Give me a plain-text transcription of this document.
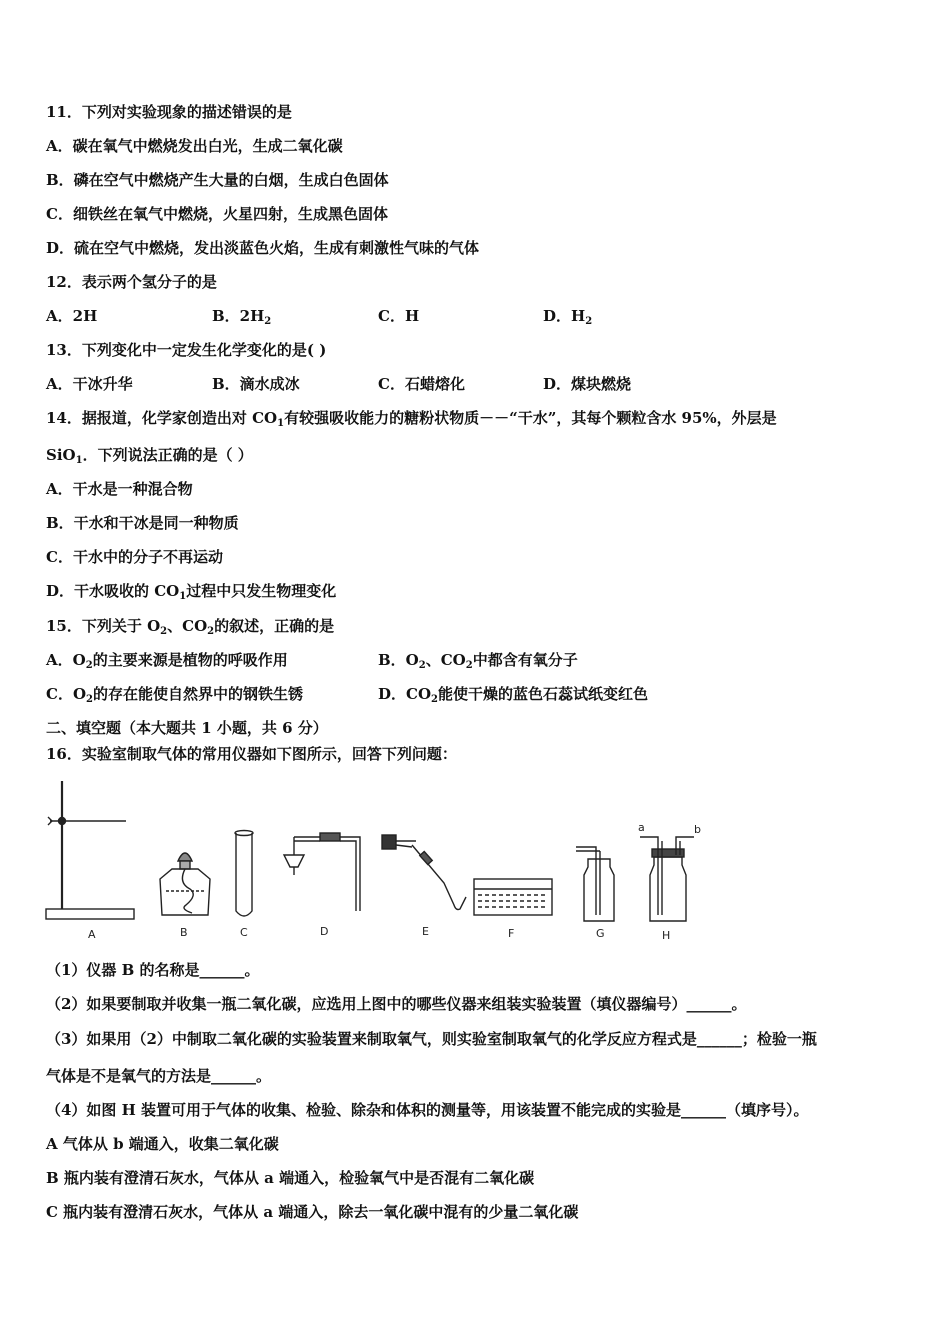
11．下列对实验现象的描述错误的是
A．碳在氧气中燃烧发出白光，生成二氧化碳
B．磷在空气中燃烧产生大量的白烟，生成白色固体
C．细铁丝在氧气中燃烧，火星四射，生成黑色固体
D．硫在空气中燃烧，发出淡蓝色火焰，生成有刺激性气味的气体
12．表示两个氢分子的是
A．2H	B．$2H_2$	C．H	D．$H_2$
13．下列变化中一定发生化学变化的是( )
A．干冰升华	B．滴水成冰	C．石蜡熔化	D．煤块燃烧
14．据报道，化学家创造出对 $CO_1$有较强吸收能力的糖粉状物质－－“干水”，其每个颗粒含水 95%，外层是
SiO$_1$．下列说法正确的是（ ）
A．干水是一种混合物
B．干水和干冰是同一种物质
C．干水中的分子不再运动
D．干水吸收的 $CO_1$过程中只发生物理变化
15．下列关于 $O_2$、$CO_2$的叙述，正确的是
A．$O_2$的主要来源是植物的呼吸作用	B．$O_2$、$CO_2$中都含有氧分子
C．$O_2$的存在能使自然界中的钢铁生锈	D．$CO_2$能使干燥的蓝色石蕊试纸变红色
二、填空题（本大题共 1 小题，共 6 分）
16．实验室制取气体的常用仪器如下图所示，回答下列问题：
A	B	C	D	E	F	G	H
a	b
（1）仪器 B 的名称是______。
（2）如果要制取并收集一瓶二氧化碳，应选用上图中的哪些仪器来组装实验装置（填仪器编号）______。
（3）如果用（2）中制取二氧化碳的实验装置来制取氧气，则实验室制取氧气的化学反应方程式是______；检验一瓶
气体是不是氧气的方法是______。
（4）如图 H 装置可用于气体的收集、检验、除杂和体积的测量等，用该装置不能完成的实验是______（填序号）。
A 气体从 b 端通入，收集二氧化碳
B 瓶内装有澄清石灰水，气体从 a 端通入，检验氧气中是否混有二氧化碳
C 瓶内装有澄清石灰水，气体从 a 端通入，除去一氧化碳中混有的少量二氧化碳
